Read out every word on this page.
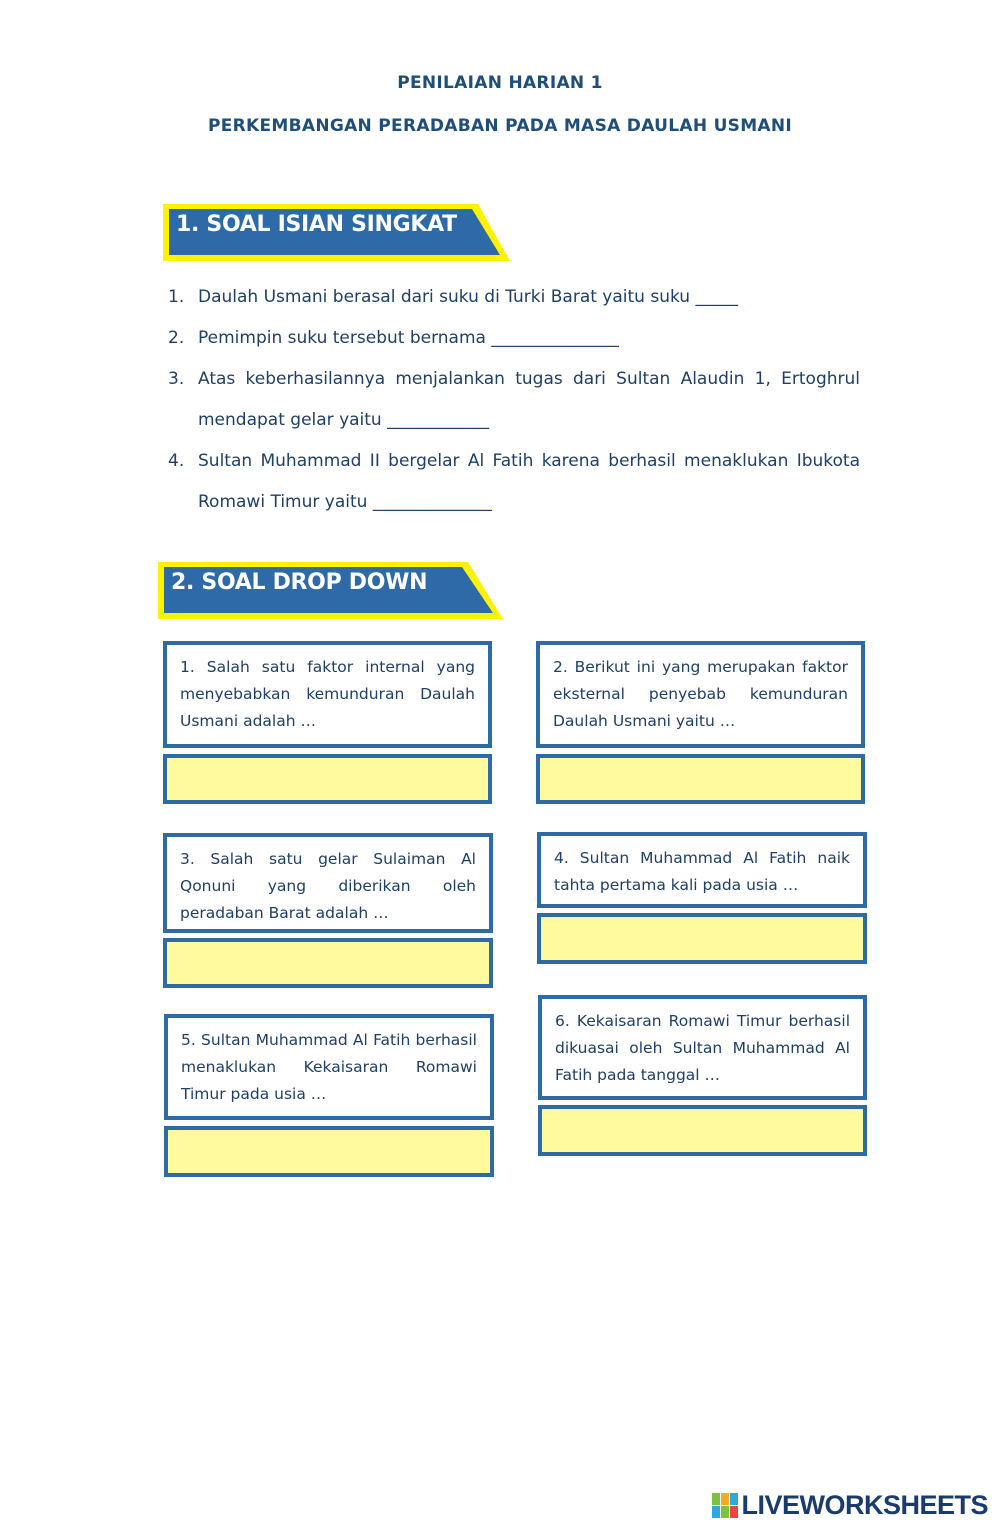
PENILAIAN HARIAN 1
PERKEMBANGAN PERADABAN PADA MASA DAULAH USMANI
1. SOAL ISIAN SINGKAT
1. Daulah Usmani berasal dari suku di Turki Barat yaitu suku _____
2. Pemimpin suku tersebut bernama _______________
3. Atas keberhasilannya menjalankan tugas dari Sultan Alaudin 1, Ertoghrul mendapat gelar yaitu ____________
4. Sultan Muhammad II bergelar Al Fatih karena berhasil menaklukan Ibukota Romawi Timur yaitu ______________
2. SOAL DROP DOWN
1. Salah satu faktor internal yang menyebabkan kemunduran Daulah Usmani adalah …
2. Berikut ini yang merupakan faktor eksternal penyebab kemunduran Daulah Usmani yaitu …
3. Salah satu gelar Sulaiman Al Qonuni yang diberikan oleh peradaban Barat adalah …
4. Sultan Muhammad Al Fatih naik tahta pertama kali pada usia …
5. Sultan Muhammad Al Fatih berhasil menaklukan Kekaisaran Romawi Timur pada usia …
6. Kekaisaran Romawi Timur berhasil dikuasai oleh Sultan Muhammad Al Fatih pada tanggal …
LIVEWORKSHEETS
